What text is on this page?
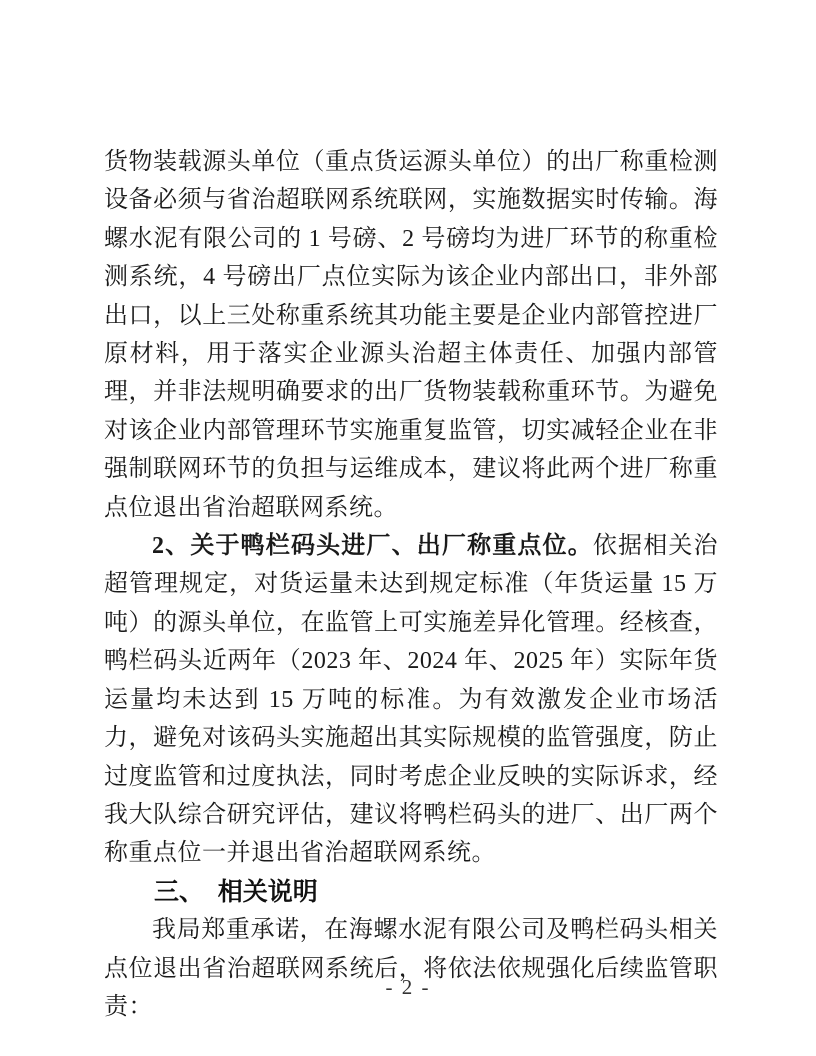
货物装载源头单位（重点货运源头单位）的出厂称重检测设备必须与省治超联网系统联网，实施数据实时传输。海螺水泥有限公司的 1 号磅、2 号磅均为进厂环节的称重检测系统，4 号磅出厂点位实际为该企业内部出口，非外部出口，以上三处称重系统其功能主要是企业内部管控进厂原材料，用于落实企业源头治超主体责任、加强内部管理，并非法规明确要求的出厂货物装载称重环节。为避免对该企业内部管理环节实施重复监管，切实减轻企业在非强制联网环节的负担与运维成本，建议将此两个进厂称重点位退出省治超联网系统。

2、关于鸭栏码头进厂、出厂称重点位。依据相关治超管理规定，对货运量未达到规定标准（年货运量 15 万吨）的源头单位，在监管上可实施差异化管理。经核查，鸭栏码头近两年（2023 年、2024 年、2025 年）实际年货运量均未达到 15 万吨的标准。为有效激发企业市场活力，避免对该码头实施超出其实际规模的监管强度，防止过度监管和过度执法，同时考虑企业反映的实际诉求，经我大队综合研究评估，建议将鸭栏码头的进厂、出厂两个称重点位一并退出省治超联网系统。

三、 相关说明

我局郑重承诺，在海螺水泥有限公司及鸭栏码头相关点位退出省治超联网系统后，将依法依规强化后续监管职责：

- 2 -
